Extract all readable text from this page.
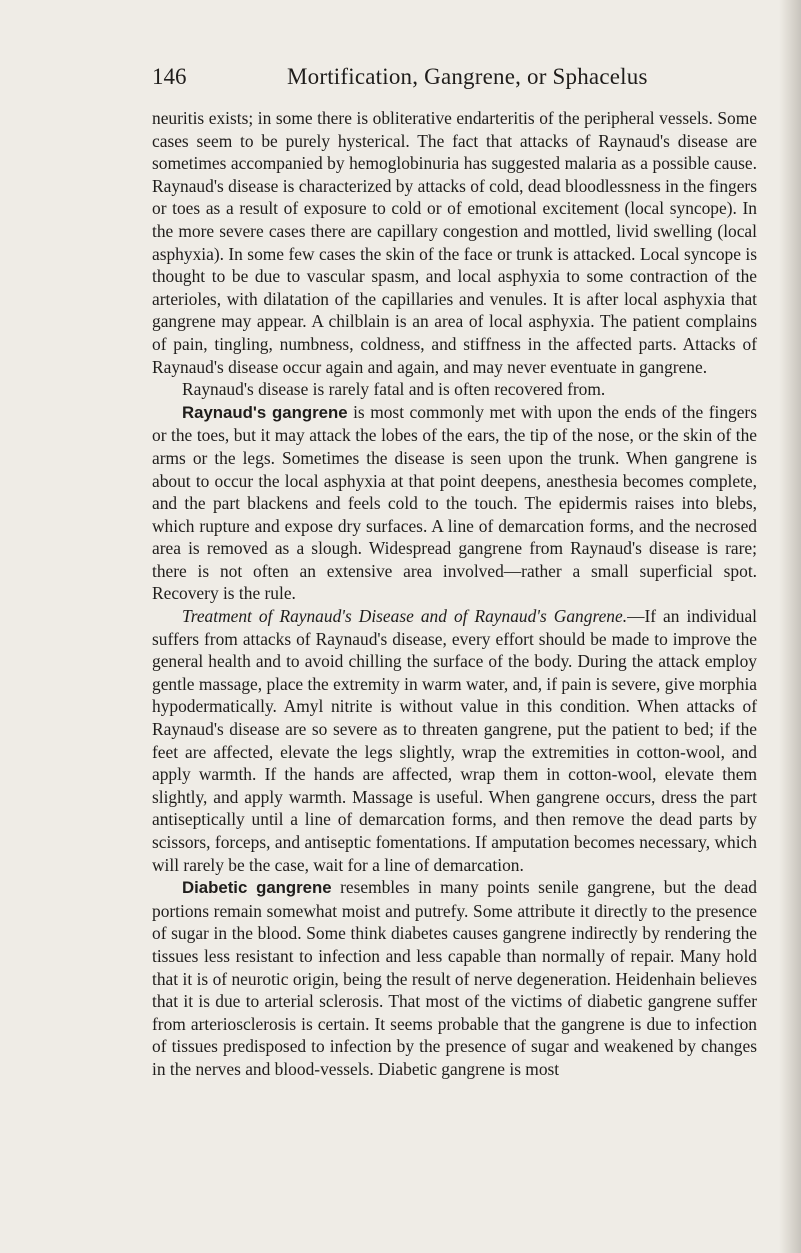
146	Mortification, Gangrene, or Sphacelus

neuritis exists; in some there is obliterative endarteritis of the peripheral vessels. Some cases seem to be purely hysterical. The fact that attacks of Raynaud's disease are sometimes accompanied by hemoglobinuria has suggested malaria as a possible cause. Raynaud's disease is characterized by attacks of cold, dead bloodlessness in the fingers or toes as a result of exposure to cold or of emotional excitement (local syncope). In the more severe cases there are capillary congestion and mottled, livid swelling (local asphyxia). In some few cases the skin of the face or trunk is attacked. Local syncope is thought to be due to vascular spasm, and local asphyxia to some contraction of the arterioles, with dilatation of the capillaries and venules. It is after local asphyxia that gangrene may appear. A chilblain is an area of local asphyxia. The patient complains of pain, tingling, numbness, coldness, and stiffness in the affected parts. Attacks of Raynaud's disease occur again and again, and may never eventuate in gangrene.

Raynaud's disease is rarely fatal and is often recovered from.

Raynaud's gangrene is most commonly met with upon the ends of the fingers or the toes, but it may attack the lobes of the ears, the tip of the nose, or the skin of the arms or the legs. Sometimes the disease is seen upon the trunk. When gangrene is about to occur the local asphyxia at that point deepens, anesthesia becomes complete, and the part blackens and feels cold to the touch. The epidermis raises into blebs, which rupture and expose dry surfaces. A line of demarcation forms, and the necrosed area is removed as a slough. Widespread gangrene from Raynaud's disease is rare; there is not often an extensive area involved—rather a small superficial spot. Recovery is the rule.

Treatment of Raynaud's Disease and of Raynaud's Gangrene.—If an individual suffers from attacks of Raynaud's disease, every effort should be made to improve the general health and to avoid chilling the surface of the body. During the attack employ gentle massage, place the extremity in warm water, and, if pain is severe, give morphia hypodermatically. Amyl nitrite is without value in this condition. When attacks of Raynaud's disease are so severe as to threaten gangrene, put the patient to bed; if the feet are affected, elevate the legs slightly, wrap the extremities in cotton-wool, and apply warmth. If the hands are affected, wrap them in cotton-wool, elevate them slightly, and apply warmth. Massage is useful. When gangrene occurs, dress the part antiseptically until a line of demarcation forms, and then remove the dead parts by scissors, forceps, and antiseptic fomentations. If amputation becomes necessary, which will rarely be the case, wait for a line of demarcation.

Diabetic gangrene resembles in many points senile gangrene, but the dead portions remain somewhat moist and putrefy. Some attribute it directly to the presence of sugar in the blood. Some think diabetes causes gangrene indirectly by rendering the tissues less resistant to infection and less capable than normally of repair. Many hold that it is of neurotic origin, being the result of nerve degeneration. Heidenhain believes that it is due to arterial sclerosis. That most of the victims of diabetic gangrene suffer from arteriosclerosis is certain. It seems probable that the gangrene is due to infection of tissues predisposed to infection by the presence of sugar and weakened by changes in the nerves and blood-vessels. Diabetic gangrene is most
